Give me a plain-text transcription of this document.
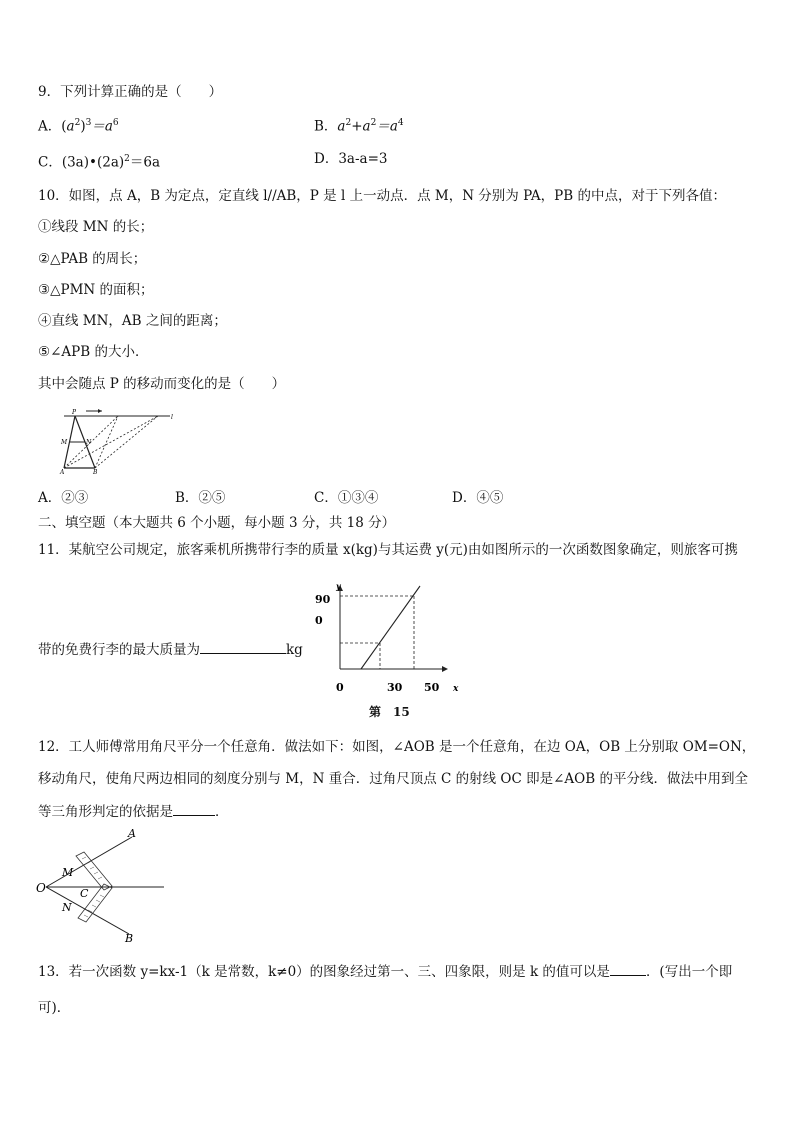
9．下列计算正确的是（　　）
A．$(a^2)^3=a^6$	B．$a^2+a^2=a^4$
C．$(3a)•(2a)^2=6a$	D．3a-a=3
10．如图，点 A，B 为定点，定直线 l//AB，P 是 l 上一动点．点 M，N 分别为 PA，PB 的中点，对于下列各值：
①线段 MN 的长；
②△PAB 的周长；
③△PMN 的面积；
④直线 MN，AB 之间的距离；
⑤∠APB 的大小．
其中会随点 P 的移动而变化的是（　　）
P
M	N
A	B
l
A．②③	B．②⑤	C．①③④	D．④⑤
二、填空题（本大题共 6 个小题，每小题 3 分，共 18 分）
11．某航空公司规定，旅客乘机所携带行李的质量 x(kg)与其运费 y(元)由如图所示的一次函数图象确定，则旅客可携
带的免费行李的最大质量为	kg
y
x
90
0
0	30 50
第　15
12．工人师傅常用角尺平分一个任意角．做法如下：如图，∠AOB 是一个任意角，在边 OA，OB 上分别取 OM=ON，
移动角尺，使角尺两边相同的刻度分别与 M，N 重合．过角尺顶点 C 的射线 OC 即是∠AOB 的平分线．做法中用到全
等三角形判定的依据是	．
A
B
O
M
N
C
13．若一次函数 y=kx-1（k 是常数，k≠0）的图象经过第一、三、四象限，则是 k 的值可以是	．(写出一个即
可)．
